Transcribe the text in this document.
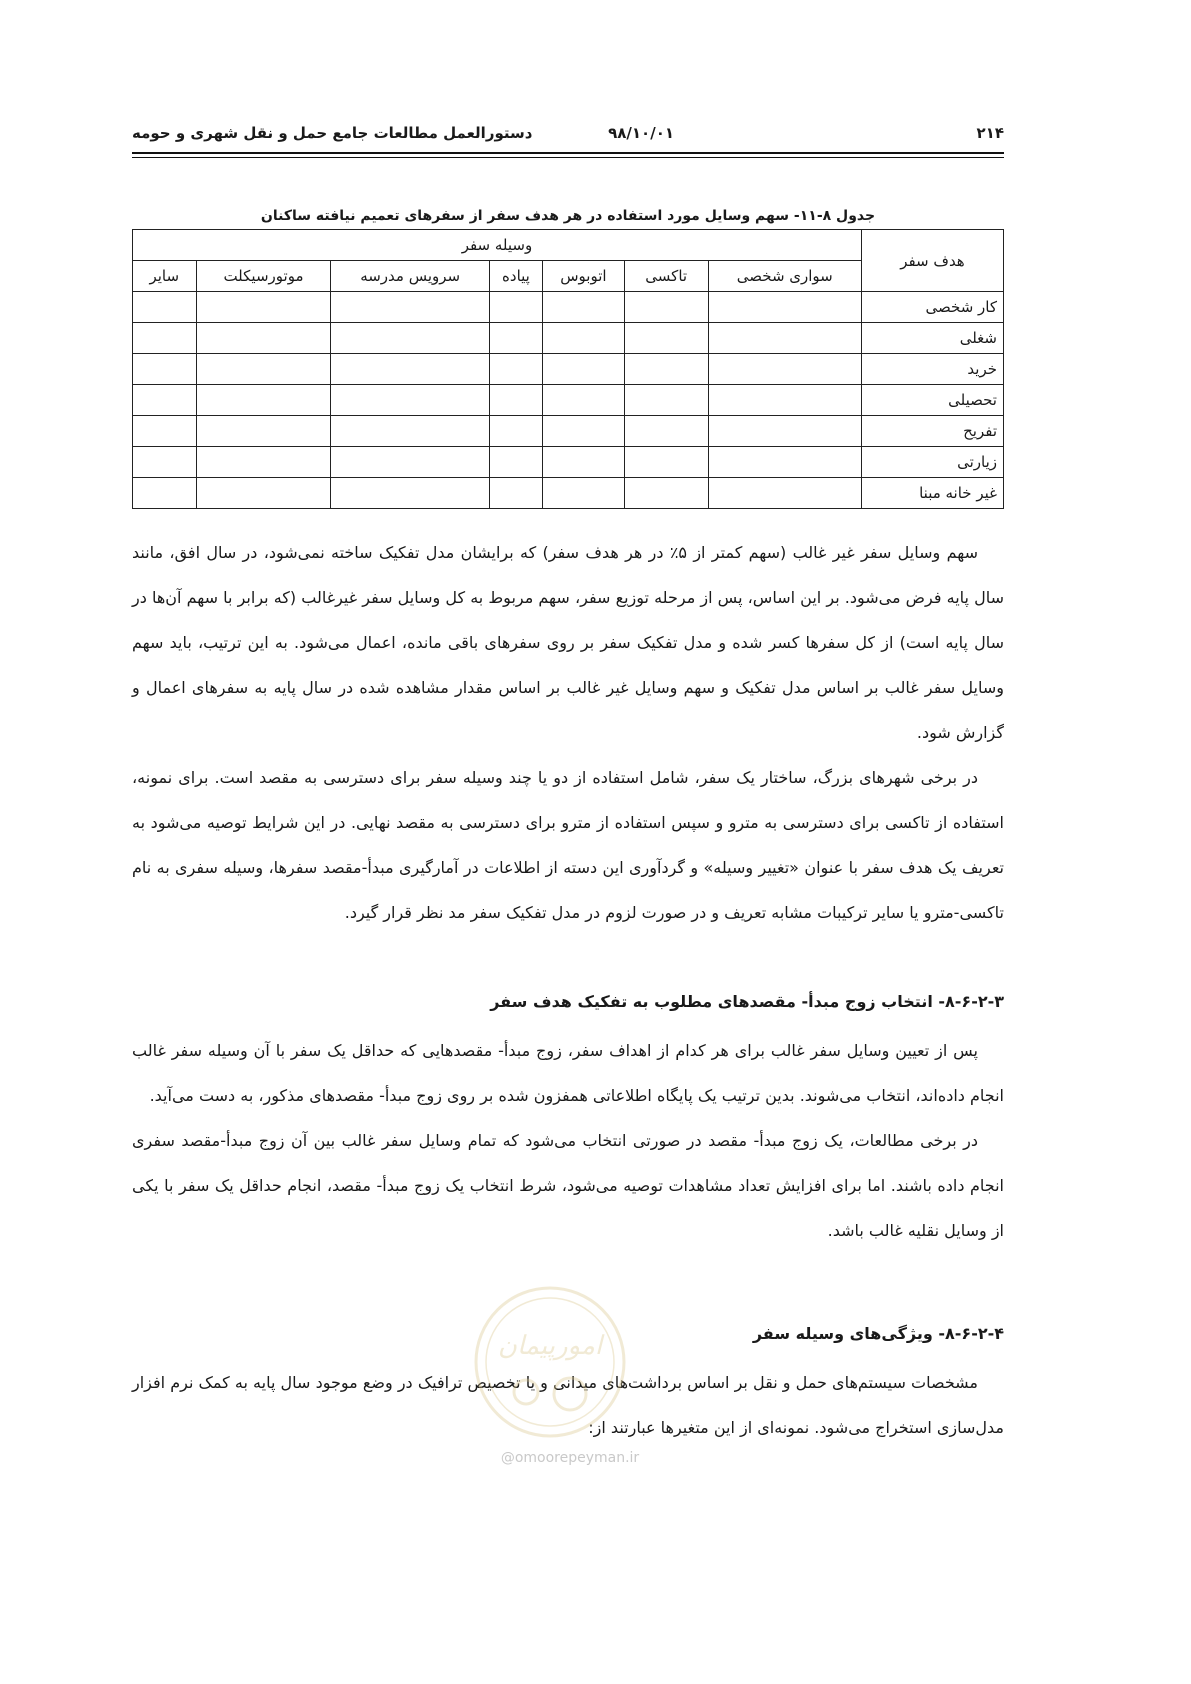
۲۱۴
۹۸/۱۰/۰۱
دستورالعمل مطالعات جامع حمل و نقل شهری و حومه
جدول ۸-۱۱- سهم وسایل مورد استفاده در هر هدف سفر از سفرهای تعمیم نیافته ساکنان
هدف سفر	وسیله سفر						
	سواری شخصی	تاکسی	اتوبوس	پیاده	سرویس مدرسه	موتورسیکلت	سایر
کار شخصی							
شغلی							
خرید							
تحصیلی							
تفریح							
زیارتی							
غیر خانه مبنا							

سهم وسایل سفر غیر غالب (سهم کمتر از ۵٪ در هر هدف سفر) که برایشان مدل تفکیک ساخته نمی‌شود، در سال افق، مانند سال پایه فرض می‌شود. بر این اساس، پس از مرحله توزیع سفر، سهم مربوط به کل وسایل سفر غیرغالب (که برابر با سهم آن‌ها در سال پایه است) از کل سفرها کسر شده و مدل تفکیک سفر بر روی سفرهای باقی مانده، اعمال می‌شود. به این ترتیب، باید سهم وسایل سفر غالب بر اساس مدل تفکیک و سهم وسایل غیر غالب بر اساس مقدار مشاهده شده در سال پایه به سفرهای اعمال و گزارش شود.

در برخی شهرهای بزرگ، ساختار یک سفر، شامل استفاده از دو یا چند وسیله سفر برای دسترسی به مقصد است. برای نمونه، استفاده از تاکسی برای دسترسی به مترو و سپس استفاده از مترو برای دسترسی به مقصد نهایی. در این شرایط توصیه می‌شود به تعریف یک هدف سفر با عنوان «تغییر وسیله» و گردآوری این دسته از اطلاعات در آمارگیری مبدأ-مقصد سفرها، وسیله سفری به نام تاکسی-مترو یا سایر ترکیبات مشابه تعریف و در صورت لزوم در مدل تفکیک سفر مد نظر قرار گیرد.

۸-۶-۲-۳- انتخاب زوج مبدأ- مقصدهای مطلوب به تفکیک هدف سفر

پس از تعیین وسایل سفر غالب برای هر کدام از اهداف سفر، زوج مبدأ- مقصدهایی که حداقل یک سفر با آن وسیله سفر غالب انجام داده‌اند، انتخاب می‌شوند. بدین ترتیب یک پایگاه اطلاعاتی همفزون شده بر روی زوج مبدأ- مقصدهای مذکور، به دست می‌آید.

در برخی مطالعات، یک زوج مبدأ- مقصد در صورتی انتخاب می‌شود که تمام وسایل سفر غالب بین آن زوج مبدأ-مقصد سفری انجام داده باشند. اما برای افزایش تعداد مشاهدات توصیه می‌شود، شرط انتخاب یک زوج مبدأ- مقصد، انجام حداقل یک سفر با یکی از وسایل نقلیه غالب باشد.

۸-۶-۲-۴- ویژگی‌های وسیله سفر

مشخصات سیستم‌های حمل و نقل بر اساس برداشت‌های میدانی و یا تخصیص ترافیک در وضع موجود سال پایه به کمک نرم افزار مدل‌سازی استخراج می‌شود. نمونه‌ای از این متغیرها عبارتند از:

امورپیمان
@omoorepeyman.ir
